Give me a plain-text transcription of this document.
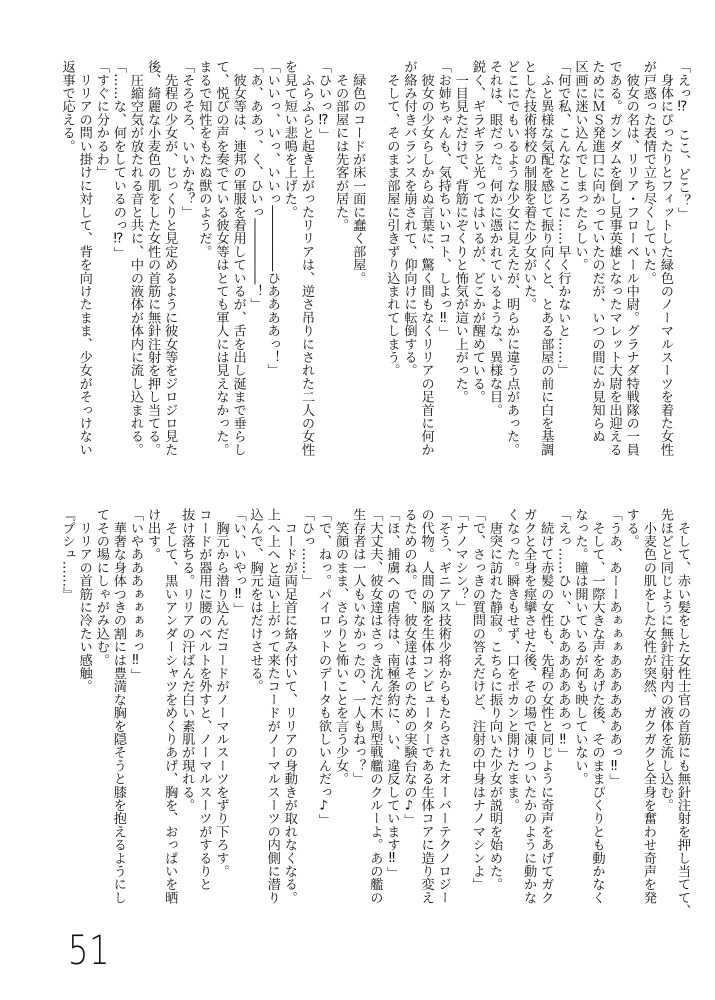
「えっ⁉　ここ、どこ？」
　身体にぴったりとフィットした緑色のノーマルスーツを着た女性
が戸惑った表情で立ち尽くしていた。
　彼女の名は、リリア・フローベール中尉。グラナダ特戦隊の一員
である。ガンダムを倒し見事英雄となったマレット大尉を出迎える
ためにＭＳ発進口に向かっていたのだが、いつの間にか見知らぬ
区画に迷い込んでしまったらしい。
「何で私、こんなところに……早く行かないと……」
　ふと異様な気配を感じて振り向くと、とある部屋の前に白を基調
とした技術将校の制服を着た少女がいた。
どこにでもいるような少女に見えたが、明らかに違う点があった。
それは、眼だった。何かに憑かれているような、異様な目。
鋭く、ギラギラと光ってはいるが、どこかが醒めている。
　一目見ただけで、背筋にぞくりと怖気が這い上がった。
「お姉ちゃんも、気持ちいいコト、しよっ‼」
　彼女の少女らしからぬ言葉に、驚く間もなくリリアの足首に何か
が絡み付きバランスを崩されて、仰向けに転倒する。
　そして、そのまま部屋に引きずり込まれてしまう。
　緑色のコードが床一面に蠢く部屋。
　その部屋には先客が居た。
「ひいっ⁉」
　ふらふらと起き上がったリリアは、逆さ吊りにされた二人の女性
を見て短い悲鳴を上げた。
「いいっ、いっ、いいっ―――――ひああああっ！」
「あ、ああっ、く、ひいっ―――――！」
　彼女等は、連邦の軍服を着用しているが、舌を出し涎まで垂らし
て、悦びの声を奏でている彼女等はとても軍人には見えなかった。
まるで知性をもたぬ獣のようだ。
「そろそろ、いいかな？」
　先程の少女が、じっくりと見定めるように彼女等をジロジロ見た
後、綺麗な小麦色の肌をした女性の首筋に無針注射を押し当てる。
　圧縮空気が放たれる音と共に、中の液体が体内に流し込まれる。
「……な、何をしているのっ⁉」
「すぐに分かるわ」
　リリアの問い掛けに対して、背を向けたまま、少女がそっけない
返事で応える。
　そして、赤い髪をした女性士官の首筋にも無針注射を押し当てて、
先ほどと同じように無針注射内の液体を流し込む。
　小麦色の肌をした女性が突然、ガクガクと全身を奮わせ奇声を発
する。
「うあ、あーーあぁぁぁあああああああっ‼」
　そして、一際大きな声をあげた後、そのままぴくりとも動かなく
なった。瞳は開いているが何も映していない。
「えっ……ひぃ、ひあああああああっ‼」
　続けて赤髪の女性も、先程の女性と同じように奇声をあげてガク
ガクと全身を痙攣させた後、その場で凍りついたかのように動かな
くなった。瞬きもせず、口をポカンと開けたまま。
　唐突に訪れた静寂。こちらに振り向いた少女が説明を始めた。
「で、さっきの質問の答えだけど、注射の中身はナノマシンよ」
「ナノマシン？」
「そう、ギニアス技術少将からもたらされたオーバーテクノロジー
の代物。人間の脳を生体コンピューターである生体コアに造り変え
るためのね。で、彼女達はそのための実験台なの♪」
「ほ、捕虜への虐待は、南極条約に、い、違反しています‼」
「大丈夫、彼女達はさっき沈んだ木馬型戦艦のクルーよ。あの艦の
生存者は一人もいなかったの、一人もねっ？」
　笑顔のまま、さらりと怖いことを言う少女。
「で、ねっ。パイロットのデータも欲しいんだっ♪」
「ひっ……」
　コードが両足首に絡み付いて、リリアの身動きが取れなくなる。
上へ上へと這い上がって来たコードがノーマルスーツの内側に潜り
込んで、胸元をはだけさせる。
「い、いやっ‼」
　胸元から潜り込んだコードがノーマルスーツをずり下ろす。
コードが器用に腰のベルトを外すと、ノーマルスーツがするりと
抜け落ちる。リリアの汗ばんだ白い素肌が現れる。
　そして、黒いアンダーシャツをめくりあげ、胸を、おっぱいを晒
け出す。
「いやあああぁぁぁぁっ‼」
　華奢な身体つきの割には豊満な胸を隠そうと膝を抱えるようにし
てその場にしゃがみ込む。
　リリアの首筋に冷たい感触。
『プシュ……』
51
